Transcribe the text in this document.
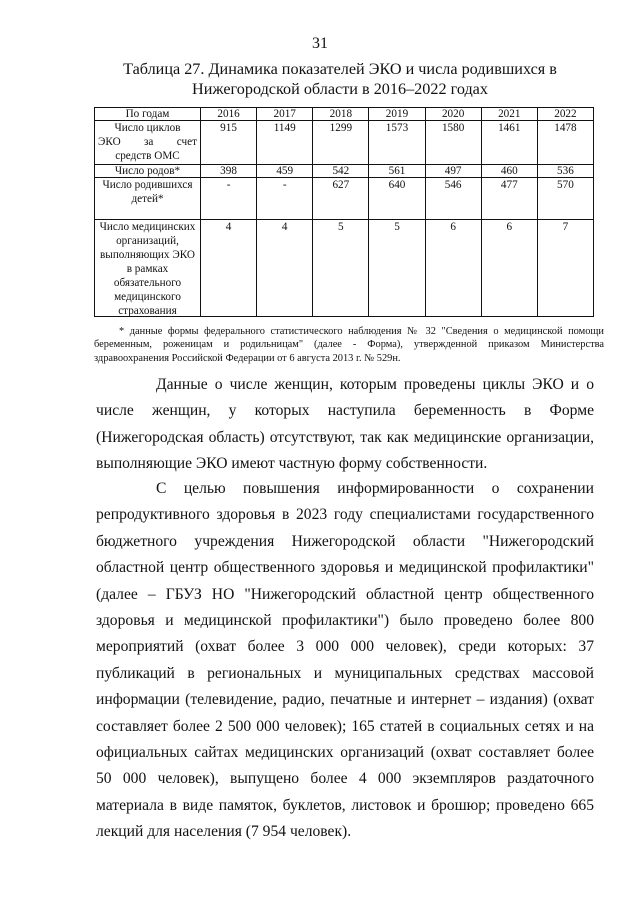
31
Таблица 27. Динамика показателей ЭКО и числа родившихся в Нижегородской области в 2016–2022 годах
По годам	2016	2017	2018	2019	2020	2021	2022

Число циклов
ЭКО за счет
средств ОМС	915	1149	1299	1573	1580	1461	1478
Число родов*	398	459	542	561	497	460	536
Число родившихся детей*	-	-	627	640	546	477	570

Число медицинских организаций, выполняющих ЭКО в рамках обязательного медицинского страхования	4	4	5	5	6	6	7
* данные формы федерального статистического наблюдения № 32 "Сведения о медицинской помощи беременным, роженицам и родильницам" (далее - Форма), утвержденной приказом Министерства здравоохранения Российской Федерации от 6 августа 2013 г. № 529н.

Данные о числе женщин, которым проведены циклы ЭКО и о числе женщин, у которых наступила беременность в Форме (Нижегородская область) отсутствуют, так как медицинские организации, выполняющие ЭКО имеют частную форму собственности.

С целью повышения информированности о сохранении репродуктивного здоровья в 2023 году специалистами государственного бюджетного учреждения Нижегородской области "Нижегородский областной центр общественного здоровья и медицинской профилактики" (далее – ГБУЗ НО "Нижегородский областной центр общественного здоровья и медицинской профилактики") было проведено более 800 мероприятий (охват более 3 000 000 человек), среди которых: 37 публикаций в региональных и муниципальных средствах массовой информации (телевидение, радио, печатные и интернет – издания) (охват составляет более 2 500 000 человек); 165 статей в социальных сетях и на официальных сайтах медицинских организаций (охват составляет более 50 000 человек), выпущено более 4 000 экземпляров раздаточного материала в виде памяток, буклетов, листовок и брошюр; проведено 665 лекций для населения (7 954 человек).
